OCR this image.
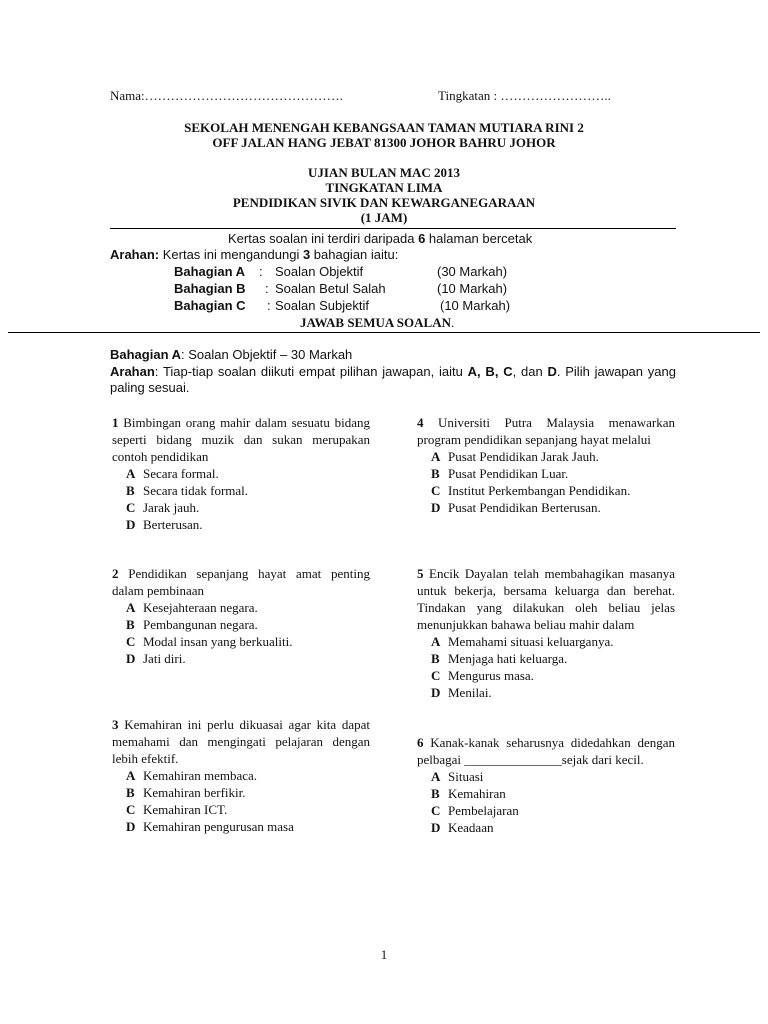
Nama:……………………………………….	Tingkatan : ……………………..
SEKOLAH MENENGAH KEBANGSAAN TAMAN MUTIARA RINI 2
OFF JALAN HANG JEBAT 81300 JOHOR BAHRU JOHOR
UJIAN BULAN MAC 2013
TINGKATAN LIMA
PENDIDIKAN SIVIK DAN KEWARGANEGARAAN
(1 JAM)
Kertas soalan ini terdiri daripada 6 halaman bercetak
Arahan: Kertas ini mengandungi 3 bahagian iaitu:
Bahagian A : Soalan Objektif	(30 Markah)
Bahagian B : Soalan Betul Salah	(10 Markah)
Bahagian C : Soalan Subjektif	(10 Markah)
JAWAB SEMUA SOALAN.
Bahagian A: Soalan Objektif – 30 Markah
Arahan: Tiap-tiap soalan diikuti empat pilihan jawapan, iaitu A, B, C, dan D. Pilih jawapan yang paling sesuai.
1 Bimbingan orang mahir dalam sesuatu bidang seperti bidang muzik dan sukan merupakan contoh pendidikan
A Secara formal.
B Secara tidak formal.
C Jarak jauh.
D Berterusan.
2 Pendidikan sepanjang hayat amat penting dalam pembinaan
A Kesejahteraan negara.
B Pembangunan negara.
C Modal insan yang berkualiti.
D Jati diri.
3 Kemahiran ini perlu dikuasai agar kita dapat memahami dan mengingati pelajaran dengan lebih efektif.
A Kemahiran membaca.
B Kemahiran berfikir.
C Kemahiran ICT.
D Kemahiran pengurusan masa
4 Universiti Putra Malaysia menawarkan program pendidikan sepanjang hayat melalui
A Pusat Pendidikan Jarak Jauh.
B Pusat Pendidikan Luar.
C Institut Perkembangan Pendidikan.
D Pusat Pendidikan Berterusan.
5 Encik Dayalan telah membahagikan masanya untuk bekerja, bersama keluarga dan berehat. Tindakan yang dilakukan oleh beliau jelas menunjukkan bahawa beliau mahir dalam
A Memahami situasi keluarganya.
B Menjaga hati keluarga.
C Mengurus masa.
D Menilai.
6 Kanak-kanak seharusnya didedahkan dengan pelbagai _______________sejak dari kecil.
A Situasi
B Kemahiran
C Pembelajaran
D Keadaan
1
